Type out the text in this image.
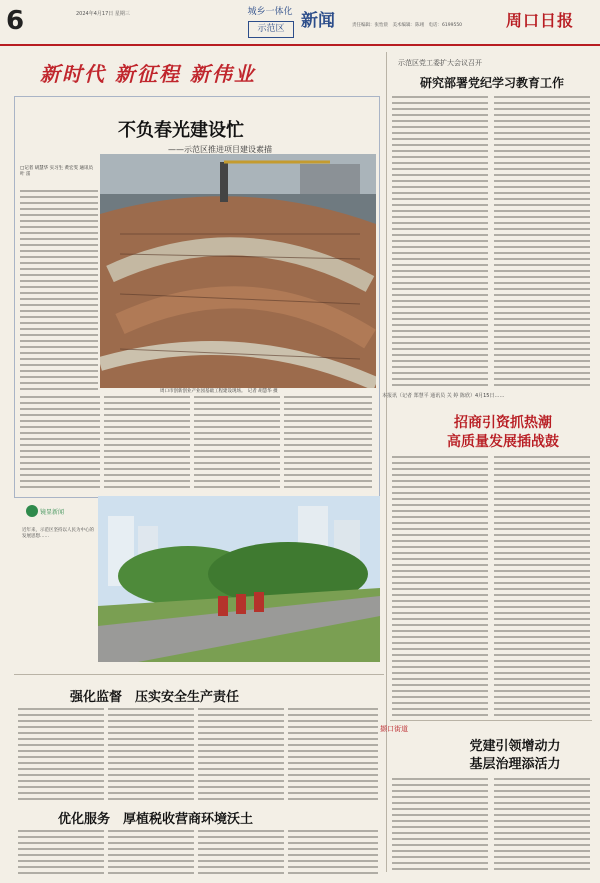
6	2024年4月17日 星期三	城乡一体化
示范区 新闻	责任编辑：张怡晨　美术编辑：陈翊　电话：6199550	周口日报
新时代 新征程 新伟业
不负春光建设忙
——示范区推进项目建设素描
□记者 胡慧华 实习生 黄宏雯 通讯员 叶 雷
周口市创新创业产业园基础工程建设现场。　记者 胡慧华 摄
示范区党工委扩大会议召开
研究部署党纪学习教育工作
本报讯（记者 郑慧平 通讯员 关 婷 陈欣）4月15日……
招商引资抓热潮
高质量发展插战鼓
撷口街道
党建引领增动力
基层治理添活力
镜显新闻
近年来，示范区坚持以人民为中心的发展思想……
强化监督　压实安全生产责任
优化服务　厚植税收营商环境沃土
